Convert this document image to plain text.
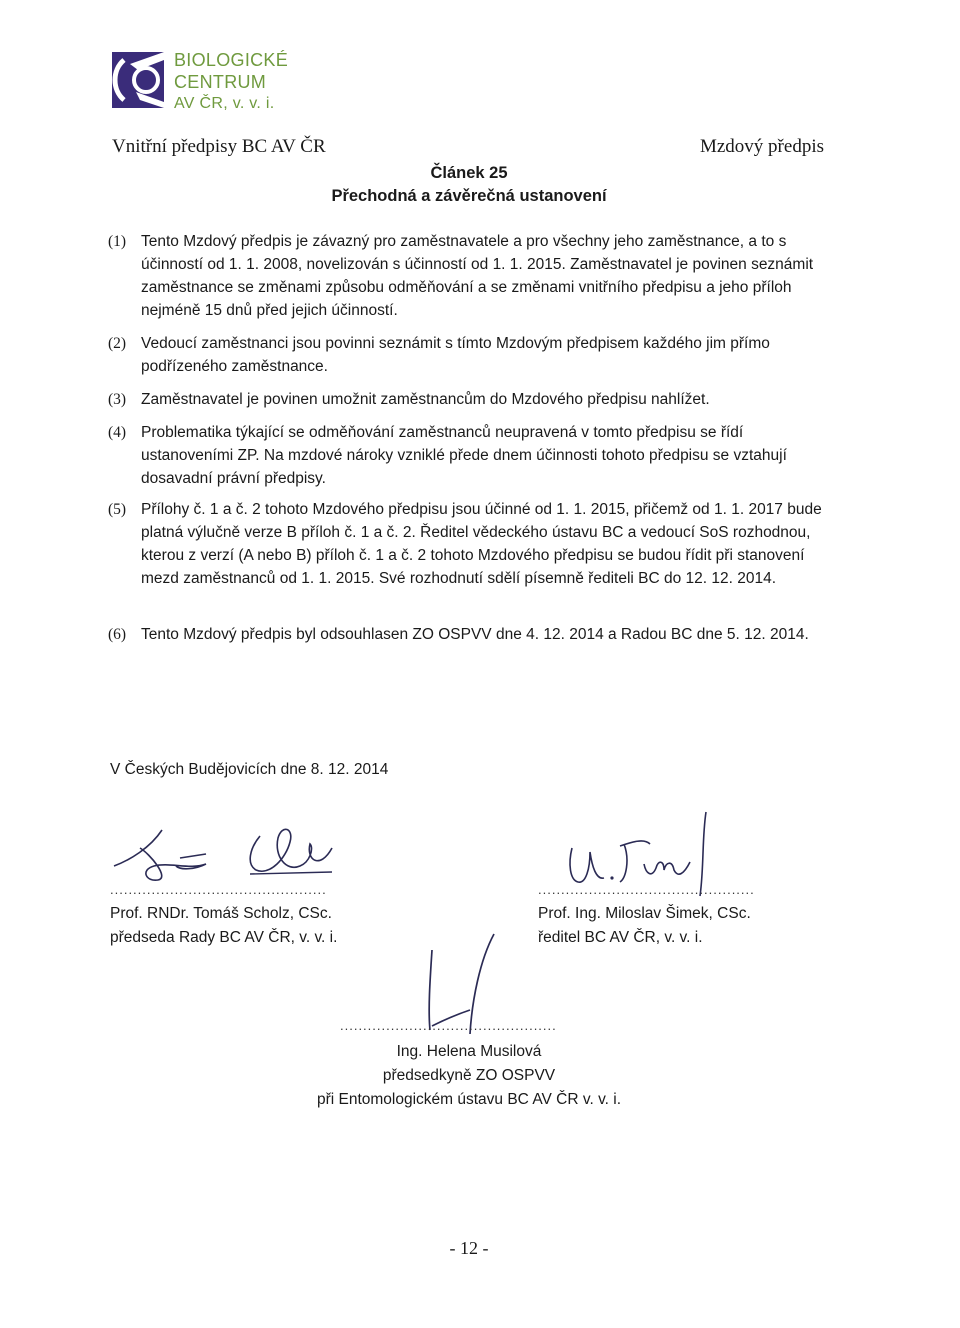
BIOLOGICKÉ
CENTRUM
AV ČR, v. v. i.
Vnitřní předpisy BC AV ČR	Mzdový předpis
Článek 25
Přechodná a závěrečná ustanovení
(1) Tento Mzdový předpis je závazný pro zaměstnavatele a pro všechny jeho zaměstnance, a to s účinností od 1. 1. 2008, novelizován s účinností od 1. 1. 2015. Zaměstnavatel je povinen seznámit zaměstnance se změnami způsobu odměňování a se změnami vnitřního předpisu a jeho příloh nejméně 15 dnů před jejich účinností.
(2) Vedoucí zaměstnanci jsou povinni seznámit s tímto Mzdovým předpisem každého jim přímo podřízeného zaměstnance.
(3) Zaměstnavatel je povinen umožnit zaměstnancům do Mzdového předpisu nahlížet.
(4) Problematika týkající se odměňování zaměstnanců neupravená v tomto předpisu se řídí ustanoveními ZP. Na mzdové nároky vzniklé přede dnem účinnosti tohoto předpisu se vztahují dosavadní právní předpisy.
(5) Přílohy č. 1 a č. 2 tohoto Mzdového předpisu jsou účinné od 1. 1. 2015, přičemž od 1. 1. 2017 bude platná výlučně verze B příloh č. 1 a č. 2. Ředitel vědeckého ústavu BC a vedoucí SoS rozhodnou, kterou z verzí (A nebo B) příloh č. 1 a č. 2 tohoto Mzdového předpisu se budou řídit při stanovení mezd zaměstnanců od 1. 1. 2015. Své rozhodnutí sdělí písemně řediteli BC do 12. 12. 2014.
(6) Tento Mzdový předpis byl odsouhlasen ZO OSPVV dne 4. 12. 2014 a Radou BC dne 5. 12. 2014.
V Českých Budějovicích dne 8. 12. 2014
...............................................
Prof. RNDr. Tomáš Scholz, CSc.
předseda Rady BC AV ČR, v. v. i.
...............................................
Prof. Ing. Miloslav Šimek, CSc.
ředitel BC AV ČR, v. v. i.
...............................................
Ing. Helena Musilová
předsedkyně ZO OSPVV
při Entomologickém ústavu BC AV ČR v. v. i.
- 12 -
